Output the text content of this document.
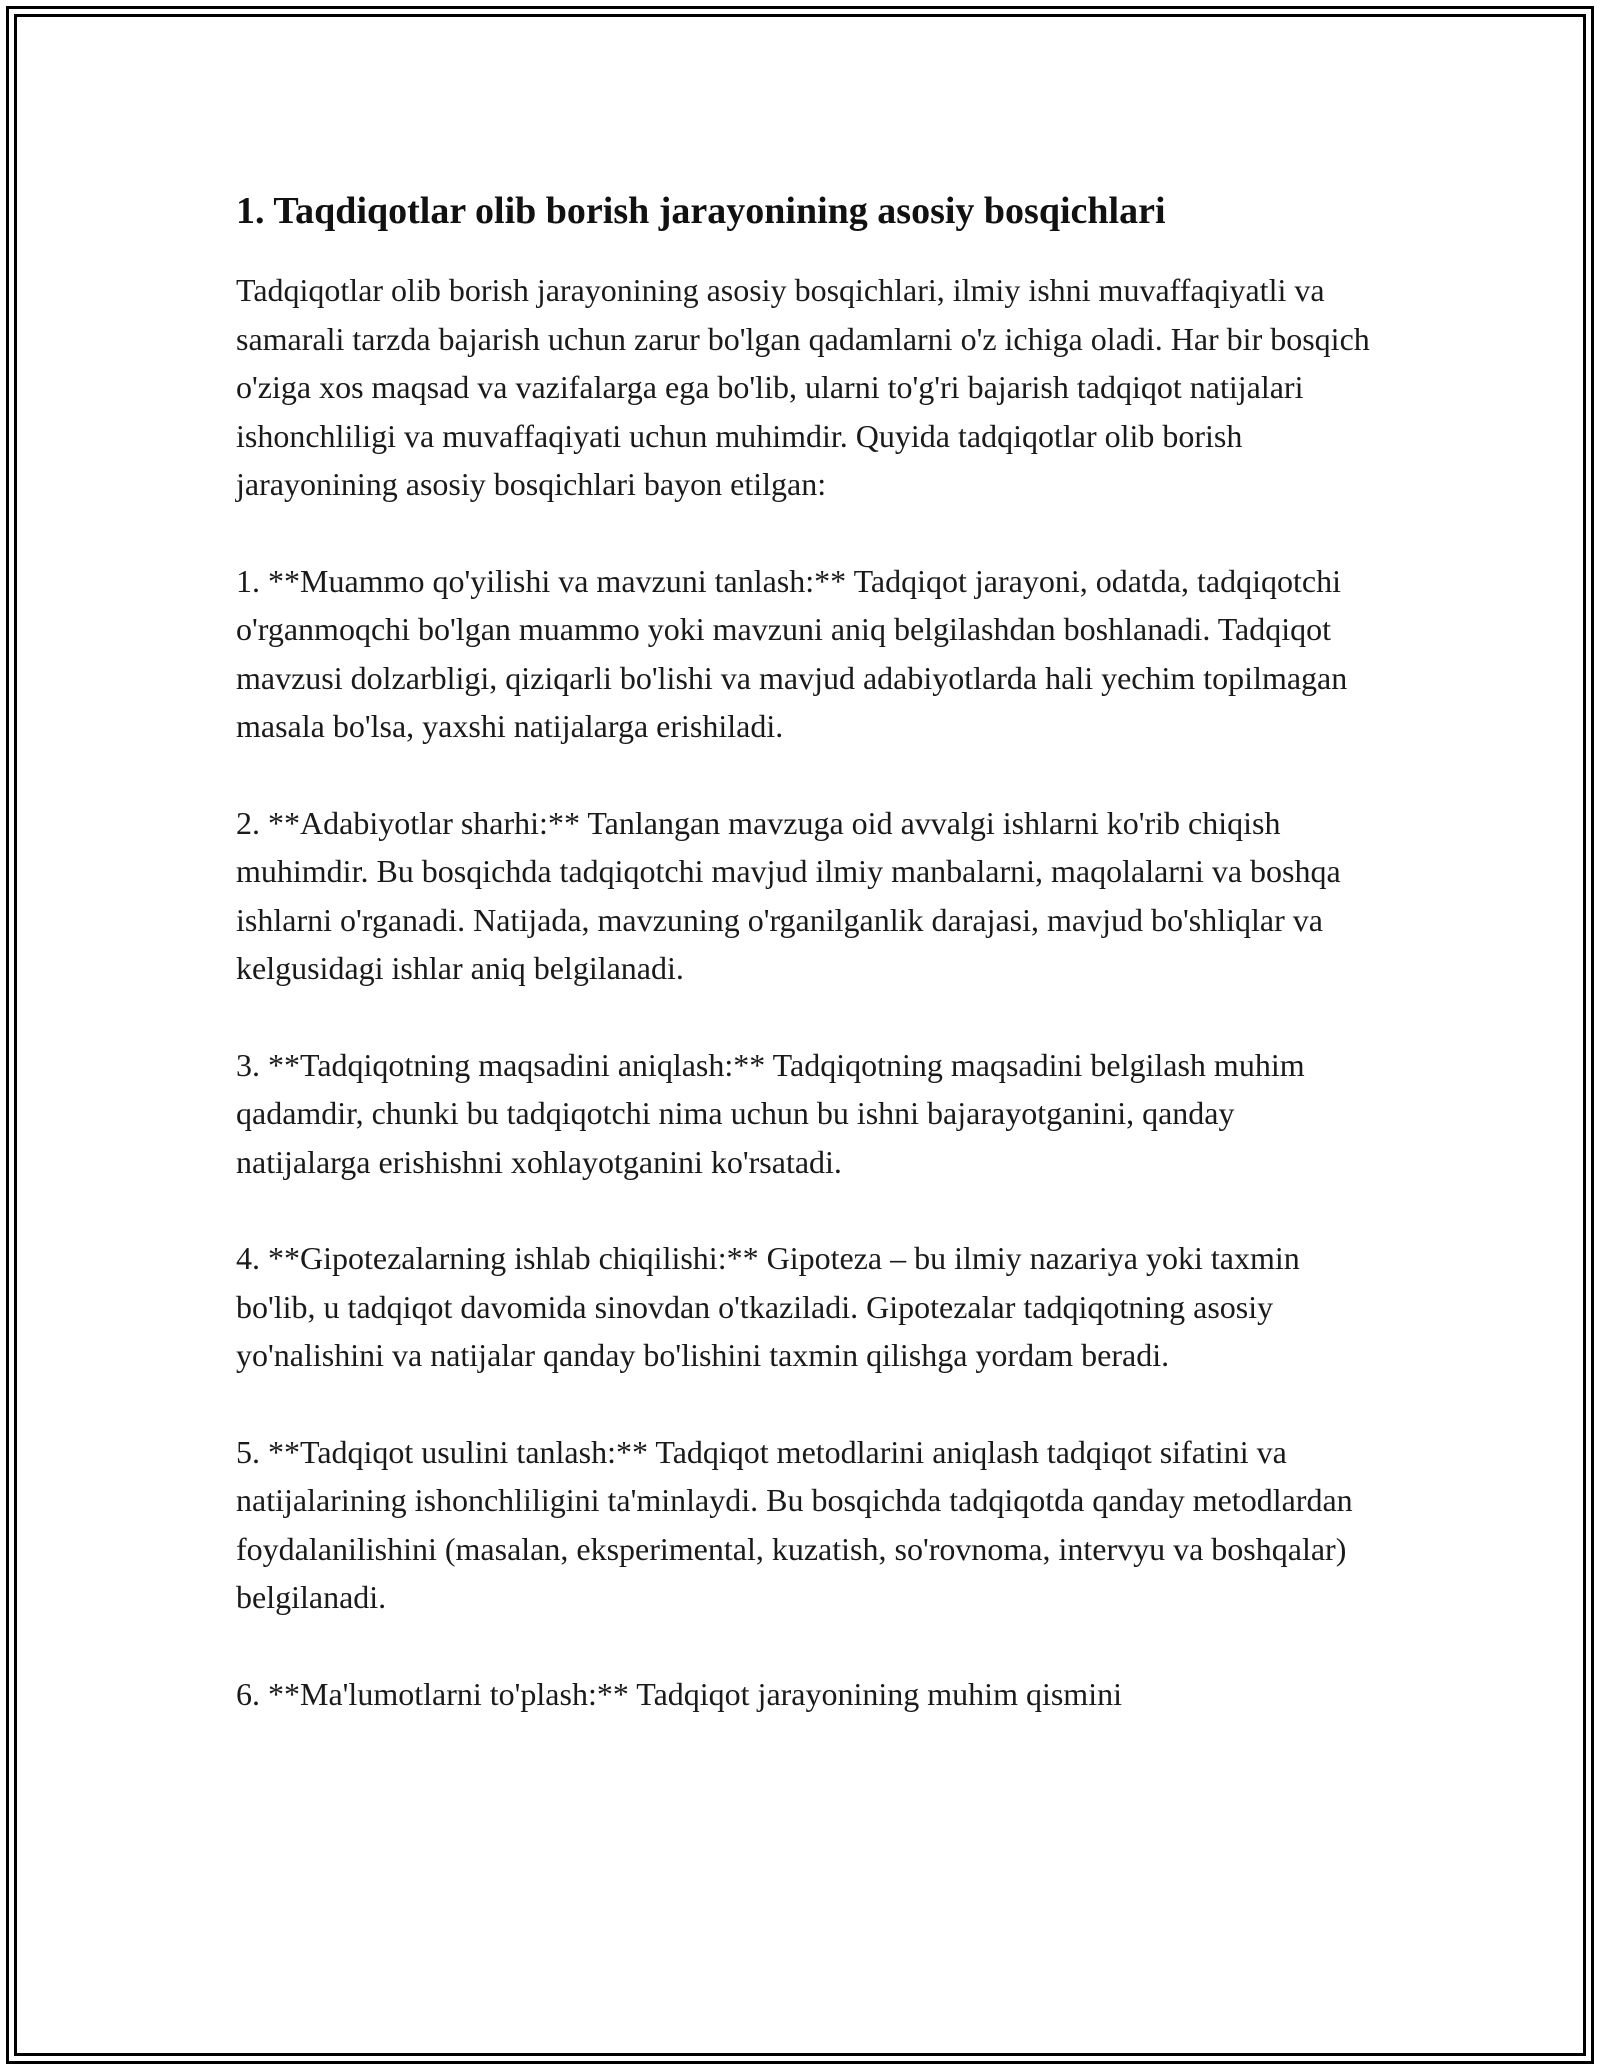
1. Taqdiqotlar olib borish jarayonining asosiy bosqichlari

Tadqiqotlar olib borish jarayonining asosiy bosqichlari, ilmiy ishni muvaffaqiyatli va samarali tarzda bajarish uchun zarur bo'lgan qadamlarni o'z ichiga oladi. Har bir bosqich o'ziga xos maqsad va vazifalarga ega bo'lib, ularni to'g'ri bajarish tadqiqot natijalari ishonchliligi va muvaffaqiyati uchun muhimdir. Quyida tadqiqotlar olib borish jarayonining asosiy bosqichlari bayon etilgan:

1. **Muammo qo'yilishi va mavzuni tanlash:** Tadqiqot jarayoni, odatda, tadqiqotchi o'rganmoqchi bo'lgan muammo yoki mavzuni aniq belgilashdan boshlanadi. Tadqiqot mavzusi dolzarbligi, qiziqarli bo'lishi va mavjud adabiyotlarda hali yechim topilmagan masala bo'lsa, yaxshi natijalarga erishiladi.

2. **Adabiyotlar sharhi:** Tanlangan mavzuga oid avvalgi ishlarni ko'rib chiqish muhimdir. Bu bosqichda tadqiqotchi mavjud ilmiy manbalarni, maqolalarni va boshqa ishlarni o'rganadi. Natijada, mavzuning o'rganilganlik darajasi, mavjud bo'shliqlar va kelgusidagi ishlar aniq belgilanadi.

3. **Tadqiqotning maqsadini aniqlash:** Tadqiqotning maqsadini belgilash muhim qadamdir, chunki bu tadqiqotchi nima uchun bu ishni bajarayotganini, qanday natijalarga erishishni xohlayotganini ko'rsatadi.

4. **Gipotezalarning ishlab chiqilishi:** Gipoteza – bu ilmiy nazariya yoki taxmin bo'lib, u tadqiqot davomida sinovdan o'tkaziladi. Gipotezalar tadqiqotning asosiy yo'nalishini va natijalar qanday bo'lishini taxmin qilishga yordam beradi.

5. **Tadqiqot usulini tanlash:** Tadqiqot metodlarini aniqlash tadqiqot sifatini va natijalarining ishonchliligini ta'minlaydi. Bu bosqichda tadqiqotda qanday metodlardan foydalanilishini (masalan, eksperimental, kuzatish, so'rovnoma, intervyu va boshqalar) belgilanadi.

6. **Ma'lumotlarni to'plash:** Tadqiqot jarayonining muhim qismini
